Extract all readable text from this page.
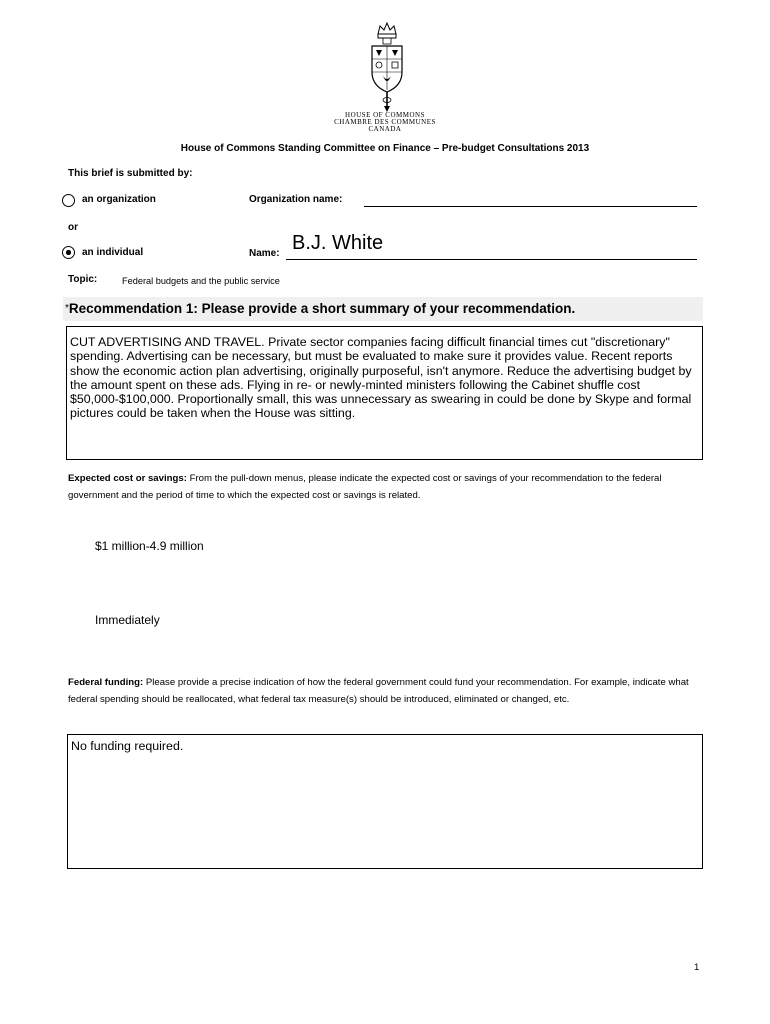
HOUSE OF COMMONS
CHAMBRE DES COMMUNES
CANADA
House of Commons Standing Committee on Finance – Pre-budget Consultations 2013
This brief is submitted by:
an organization	Organization name:
or
an individual	Name: B.J. White
Topic:	Federal budgets and the public service
*Recommendation 1: Please provide a short summary of your recommendation.
CUT ADVERTISING AND TRAVEL. Private sector companies facing difficult financial times cut "discretionary" spending. Advertising can be necessary, but must be evaluated to make sure it provides value. Recent reports show the economic action plan advertising, originally purposeful, isn't anymore. Reduce the advertising budget by the amount spent on these ads. Flying in re- or newly-minted ministers following the Cabinet shuffle cost $50,000-$100,000. Proportionally small, this was unnecessary as swearing in could be done by Skype and formal pictures could be taken when the House was sitting.
Expected cost or savings: From the pull-down menus, please indicate the expected cost or savings of your recommendation to the federal government and the period of time to which the expected cost or savings is related.
$1 million-4.9 million
Immediately
Federal funding: Please provide a precise indication of how the federal government could fund your recommendation. For example, indicate what federal spending should be reallocated, what federal tax measure(s) should be introduced, eliminated or changed, etc.
No funding required.
1
